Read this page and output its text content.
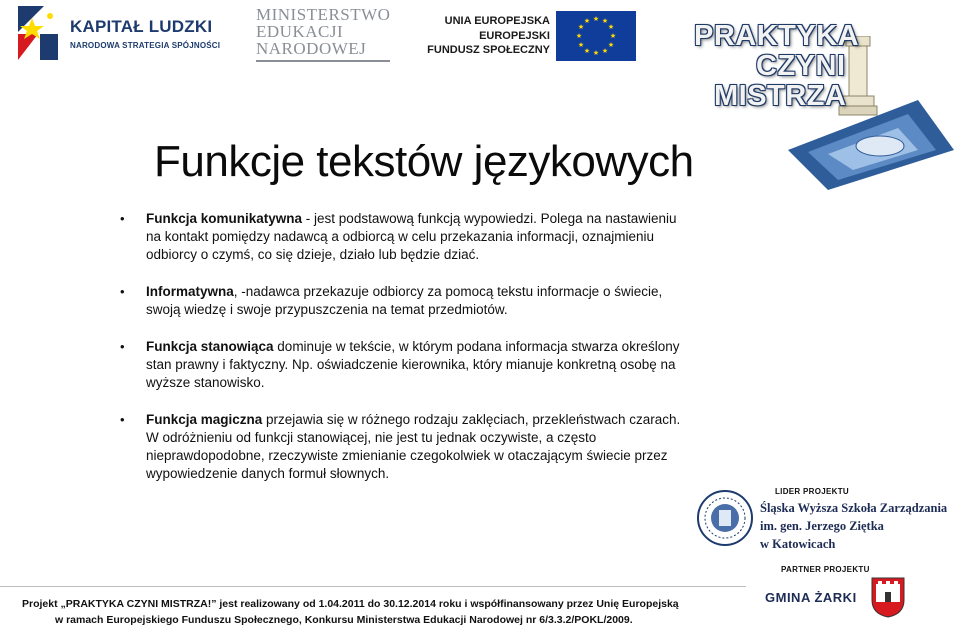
KAPITAŁ LUDZKI
NARODOWA STRATEGIA SPÓJNOŚCI
MINISTERSTWO
EDUKACJI
NARODOWEJ
UNIA EUROPEJSKA
EUROPEJSKI
FUNDUSZ SPOŁECZNY
★ ★
★
★
★
★
★
★
★
★
★
★	PRAKTYKA
CZYNI
MISTRZA
Funkcje tekstów językowych
• Funkcja komunikatywna - jest podstawową funkcją wypowiedzi. Polega na nastawieniu na kontakt pomiędzy nadawcą a odbiorcą w celu przekazania informacji, oznajmieniu odbiorcy o czymś, co się dzieje, działo lub będzie dziać.
• Informatywna, -nadawca przekazuje odbiorcy za pomocą tekstu informacje o świecie, swoją wiedzę i swoje przypuszczenia na temat przedmiotów.
• Funkcja stanowiąca dominuje w tekście, w którym podana informacja stwarza określony stan prawny i faktyczny. Np. oświadczenie kierownika, który mianuje konkretną osobę na wyższe stanowisko.
• Funkcja magiczna przejawia się w różnego rodzaju zaklęciach, przekleństwach czarach. W odróżnieniu od funkcji stanowiącej, nie jest tu jednak oczywiste, a często nieprawdopodobne, rzeczywiste zmienianie czegokolwiek w otaczającym świecie przez wypowiedzenie danych formuł słownych.
LIDER PROJEKTU
Śląska Wyższa Szkoła Zarządzania
im. gen. Jerzego Ziętka
w Katowicach
PARTNER PROJEKTU
GMINA ŻARKI
Projekt „PRAKTYKA CZYNI MISTRZA!” jest realizowany od 1.04.2011 do 30.12.2014 roku i współfinansowany przez Unię Europejską
w ramach Europejskiego Funduszu Społecznego, Konkursu Ministerstwa Edukacji Narodowej nr 6/3.3.2/POKL/2009.
